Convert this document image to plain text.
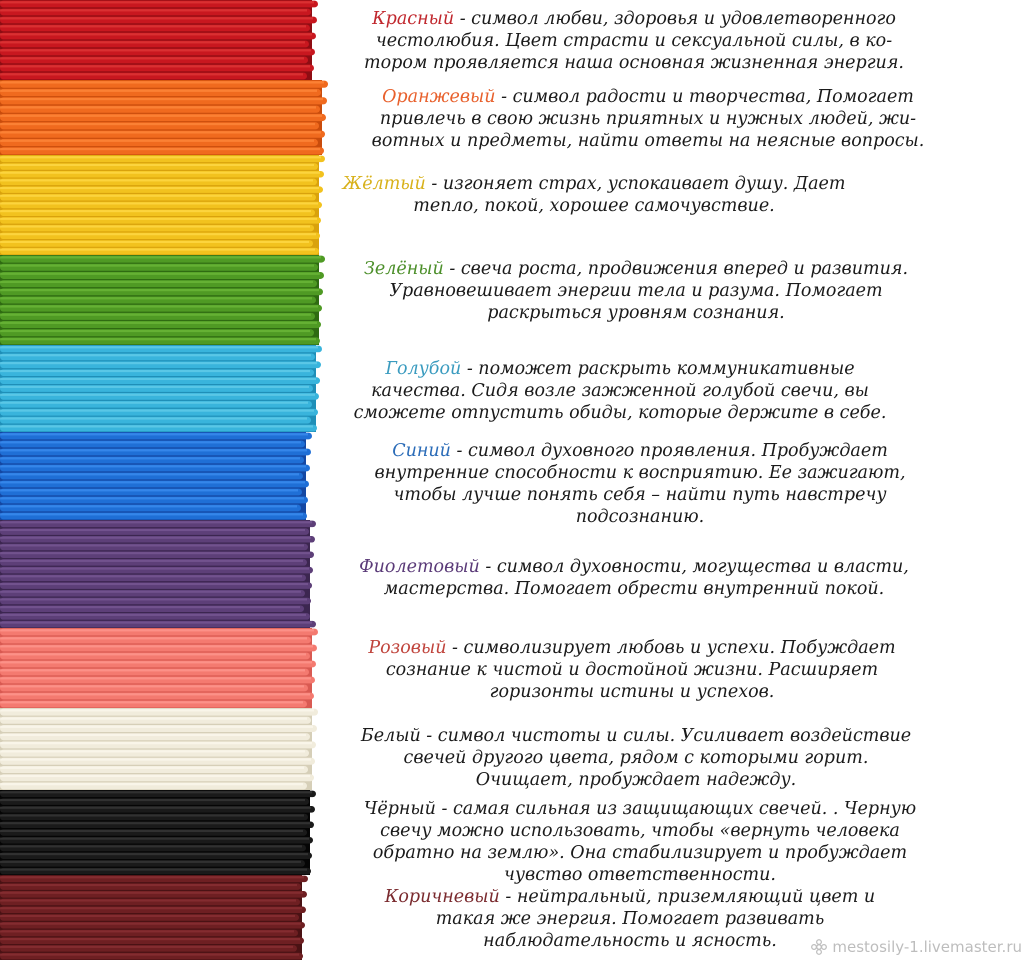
Красный - символ любви, здоровья и удовлетворенного
честолюбия. Цвет страсти и сексуальной силы, в ко-
тором проявляется наша основная жизненная энергия.
Оранжевый - символ радости и творчества, Помогает
привлечь в свою жизнь приятных и нужных людей, жи-
вотных и предметы, найти ответы на неясные вопросы.
Жёлтый - изгоняет страх, успокаивает душу. Дает
тепло, покой, хорошее самочувствие.
Зелёный - свеча роста, продвижения вперед и развития.
Уравновешивает энергии тела и разума. Помогает
раскрыться уровням сознания.
Голубой - поможет раскрыть коммуникативные
качества. Сидя возле зажженной голубой свечи, вы
сможете отпустить обиды, которые держите в себе.
Синий - символ духовного проявления. Пробуждает
внутренние способности к восприятию. Ее зажигают,
чтобы лучше понять себя – найти путь навстречу
подсознанию.
Фиолетовый - символ духовности, могущества и власти,
мастерства. Помогает обрести внутренний покой.
Розовый - символизирует любовь и успехи. Побуждает
сознание к чистой и достойной жизни. Расширяет
горизонты истины и успехов.
Белый - символ чистоты и силы. Усиливает воздействие
свечей другого цвета, рядом с которыми горит.
Очищает, пробуждает надежду.
Чёрный - самая сильная из защищающих свечей. . Черную
свечу можно использовать, чтобы «вернуть человека
обратно на землю». Она стабилизирует и пробуждает
чувство ответственности.
Коричневый - нейтральный, приземляющий цвет и
такая же энергия. Помогает развивать
наблюдательность и ясность.	mestosily-1.livemaster.ru
